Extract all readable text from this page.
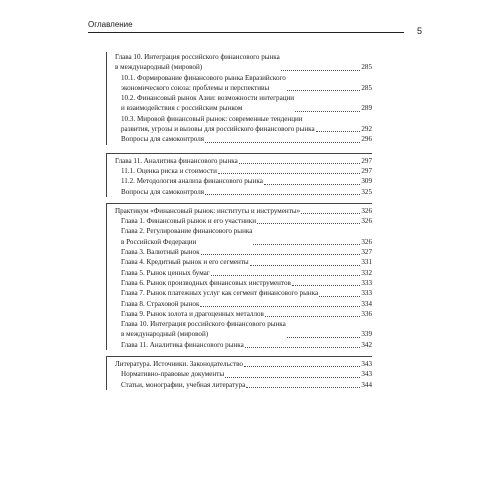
Оглавление
5
Глава 10. Интеграция российского финансового рынка
в международный (мировой)	285
10.1. Формирование финансового рынка Евразийского
экономического союза: проблемы и перспективы	285
10.2. Финансовый рынок Азии: возможности интеграции
и взаимодействия с российским рынком	289
10.3. Мировой финансовый рынок: современные тенденции
развития, угрозы и вызовы для российского финансового рынка	292
Вопросы для самоконтроля	296
Глава 11. Аналитика финансового рынка	297
11.1. Оценка риска и стоимости	297
11.2. Методология анализа финансового рынка	309
Вопросы для самоконтроля	325
Практикум «Финансовый рынок: институты и инструменты»	326
Глава 1. Финансовый рынок и его участники	326
Глава 2. Регулирование финансового рынка
в Российской Федерации	326
Глава 3. Валютный рынок	327
Глава 4. Кредитный рынок и его сегменты	331
Глава 5. Рынок ценных бумаг	332
Глава 6. Рынок производных финансовых инструментов	333
Глава 7. Рынок платежных услуг как сегмент финансового рынка	333
Глава 8. Страховой рынок	334
Глава 9. Рынок золота и драгоценных металлов	336
Глава 10. Интеграция российского финансового рынка
в международный (мировой)	339
Глава 11. Аналитика финансового рынка	342
Литература. Источники. Законодательство	343
Нормативно-правовые документы	343
Статьи, монографии, учебная литература	344
